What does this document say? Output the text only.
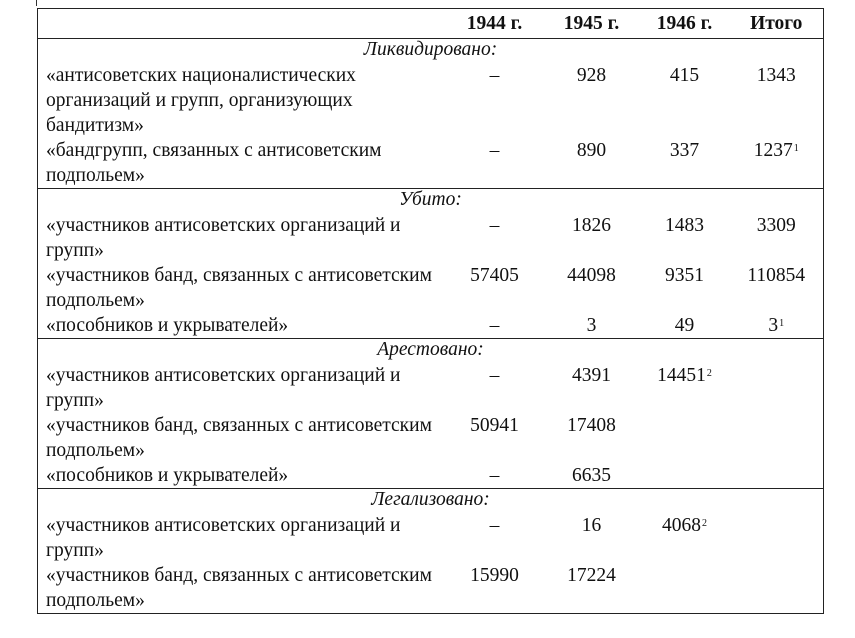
	1944 г.	1945 г.	1946 г.	Итого
Ликвидировано:				
«антисоветских националистических организаций и групп, организующих бандитизм»	–	928	415	1343
«бандгрупп, связанных с антисоветским подпольем»	–	890	337	1237$^1$
Убито:				
«участников антисоветских организаций и групп»	–	1826	1483	3309
«участников банд, связанных с антисоветским подпольем»	57405	44098	9351	110854
«пособников и укрывателей»	–	3	49	$3^1$
Арестовано:				
«участников антисоветских организаций и групп»	–	4391	14451$^2$	
«участников банд, связанных с антисоветским подпольем»	50941	17408		
«пособников и укрывателей»	–	6635		
Легализовано:				
«участников антисоветских организаций и групп»	–	16	4068$^2$	
«участников банд, связанных с антисоветским подпольем»	15990	17224		
